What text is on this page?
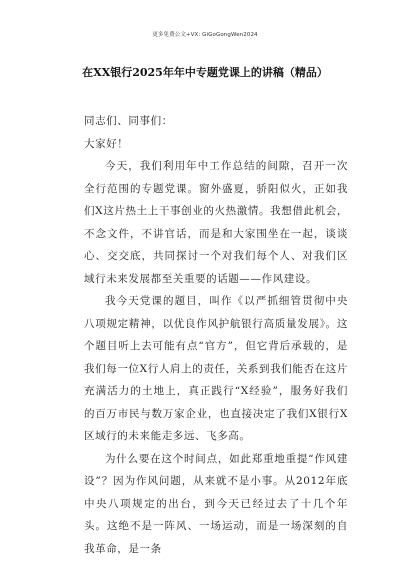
更多免费公文+VX: GiGoGongWen2024
在XX银行2025年年中专题党课上的讲稿（精品）

同志们、同事们：

大家好！

今天，我们利用年中工作总结的间隙，召开一次全行范围的专题党课。窗外盛夏，骄阳似火，正如我们X这片热土上干事创业的火热激情。我想借此机会，不念文件，不讲官话，而是和大家围坐在一起，谈谈心、交交底，共同探讨一个对我们每个人、对我们区域行未来发展都至关重要的话题——作风建设。

我今天党课的题目，叫作《以严抓细管贯彻中央八项规定精神，以优良作风护航银行高质量发展》。这个题目听上去可能有点“官方”，但它背后承载的，是我们每一位X行人肩上的责任，关系到我们能否在这片充满活力的土地上，真正践行“X经验”，服务好我们的百万市民与数万家企业，也直接决定了我们X银行X区域行的未来能走多远、飞多高。

为什么要在这个时间点，如此郑重地重提“作风建设”？因为作风问题，从来就不是小事。从2012年底中央八项规定的出台，到今天已经过去了十几个年头。这绝不是一阵风、一场运动，而是一场深刻的自我革命，是一条
